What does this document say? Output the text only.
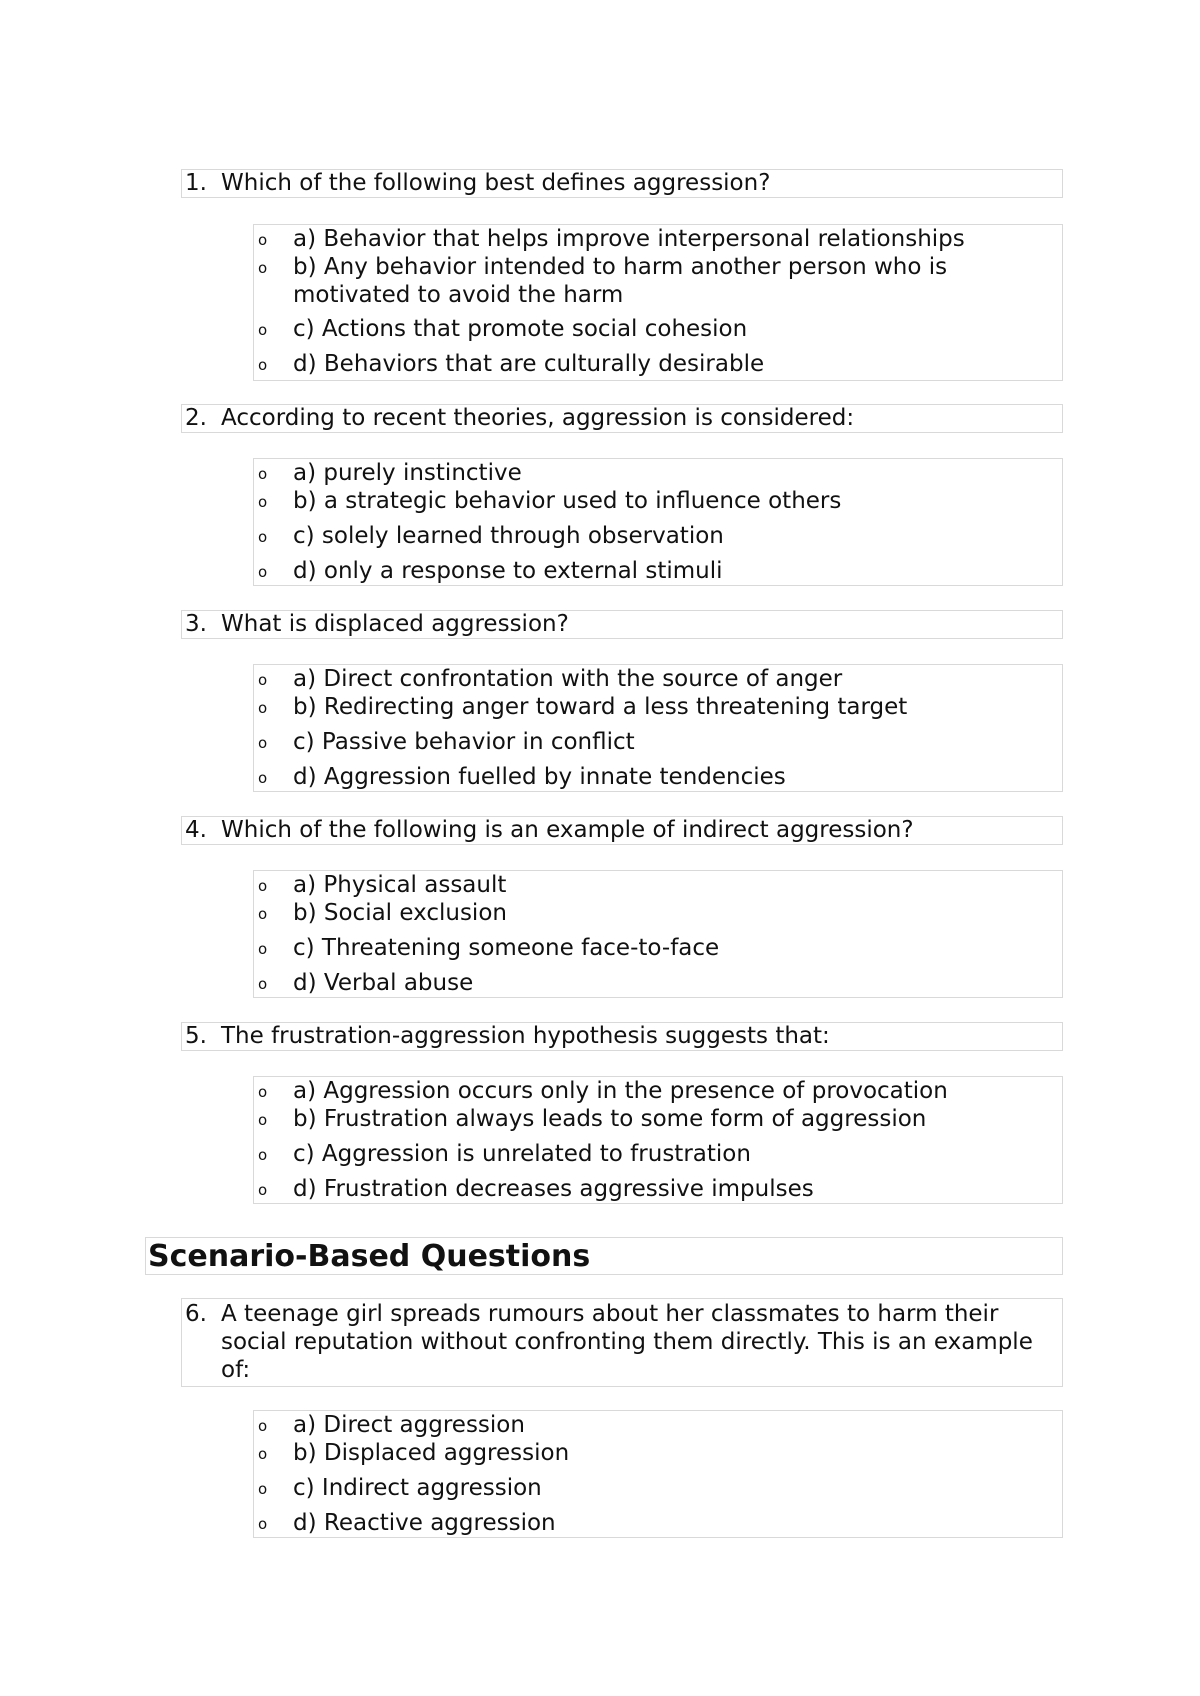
1. Which of the following best defines aggression?
o a) Behavior that helps improve interpersonal relationships
o b) Any behavior intended to harm another person who is motivated to avoid the harm
o c) Actions that promote social cohesion
o d) Behaviors that are culturally desirable
2. According to recent theories, aggression is considered:
o a) purely instinctive
o b) a strategic behavior used to influence others
o c) solely learned through observation
o d) only a response to external stimuli
3. What is displaced aggression?
o a) Direct confrontation with the source of anger
o b) Redirecting anger toward a less threatening target
o c) Passive behavior in conflict
o d) Aggression fuelled by innate tendencies
4. Which of the following is an example of indirect aggression?
o a) Physical assault
o b) Social exclusion
o c) Threatening someone face-to-face
o d) Verbal abuse
5. The frustration-aggression hypothesis suggests that:
o a) Aggression occurs only in the presence of provocation
o b) Frustration always leads to some form of aggression
o c) Aggression is unrelated to frustration
o d) Frustration decreases aggressive impulses
Scenario-Based Questions
6. A teenage girl spreads rumours about her classmates to harm their social reputation without confronting them directly. This is an example of:
o a) Direct aggression
o b) Displaced aggression
o c) Indirect aggression
o d) Reactive aggression
